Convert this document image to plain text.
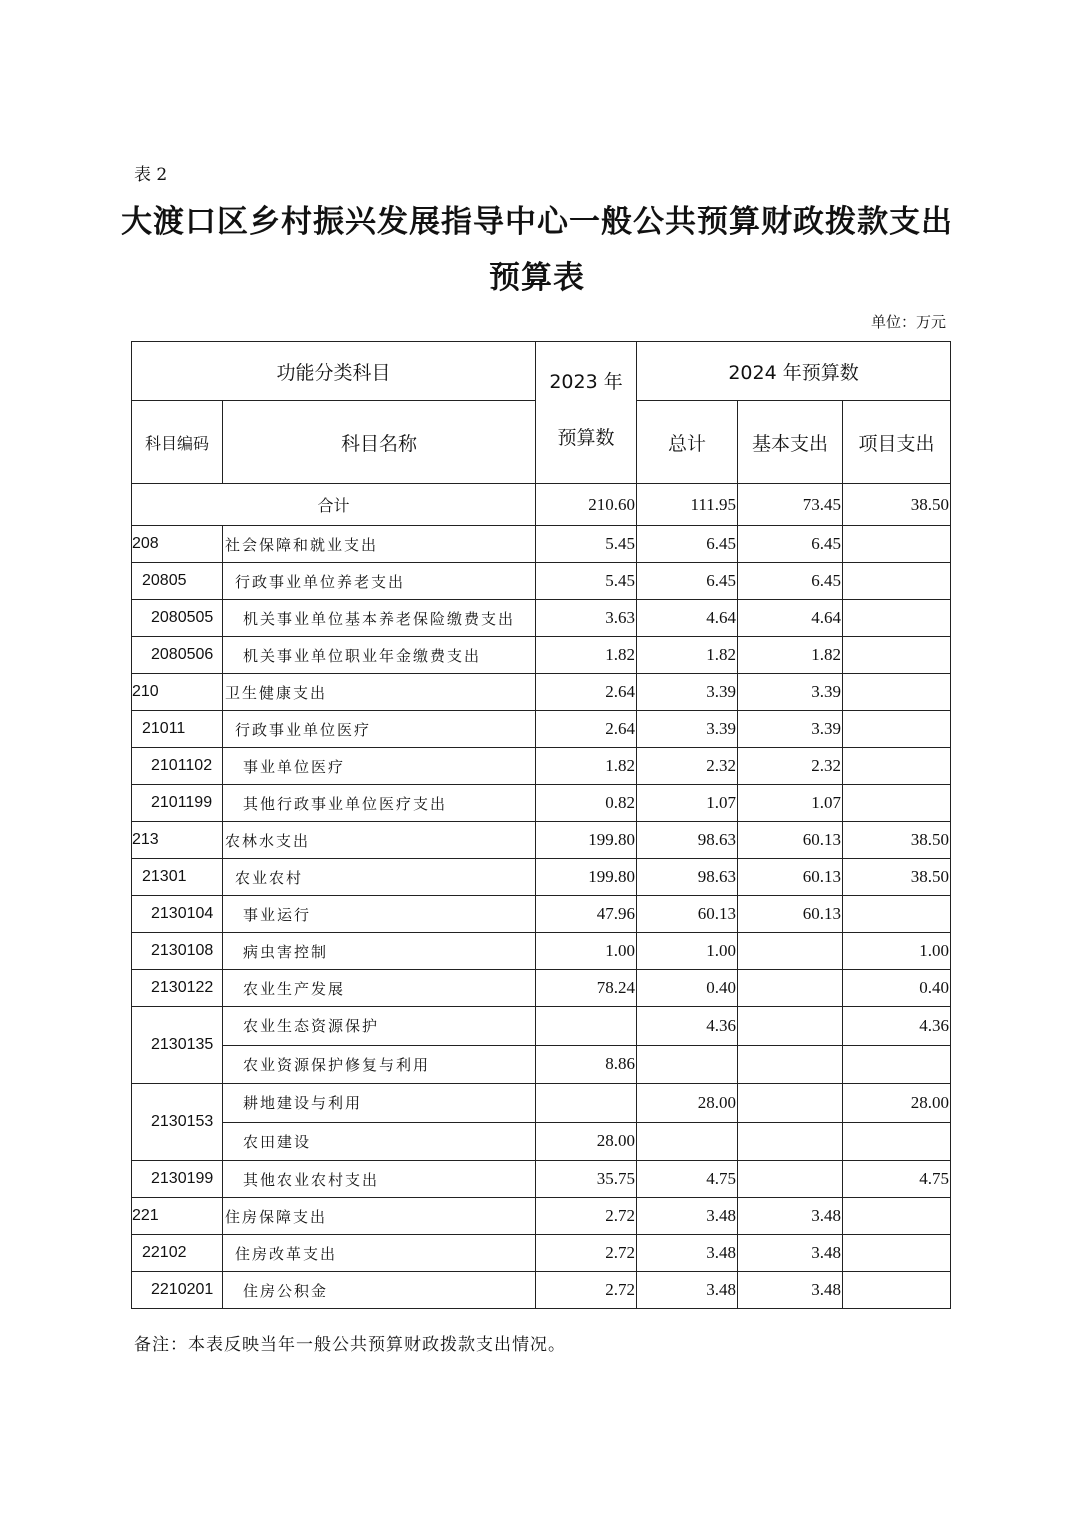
表 2
大渡口区乡村振兴发展指导中心一般公共预算财政拨款支出
预算表
单位：万元
功能分类科目		2023 年
预算数	2024 年预算数		
科目编码	科目名称		总计	基本支出	项目支出
合计		210.60	111.95	73.45	38.50
208	社会保障和就业支出	5.45	6.45	6.45	
20805	行政事业单位养老支出	5.45	6.45	6.45	
2080505	机关事业单位基本养老保险缴费支出	3.63	4.64	4.64	
2080506	机关事业单位职业年金缴费支出	1.82	1.82	1.82	
210	卫生健康支出	2.64	3.39	3.39	
21011	行政事业单位医疗	2.64	3.39	3.39	
2101102	事业单位医疗	1.82	2.32	2.32	
2101199	其他行政事业单位医疗支出	0.82	1.07	1.07	
213	农林水支出	199.80	98.63	60.13	38.50
21301	农业农村	199.80	98.63	60.13	38.50
2130104	事业运行	47.96	60.13	60.13	
2130108	病虫害控制	1.00	1.00		1.00
2130122	农业生产发展	78.24	0.40		0.40
2130135	农业生态资源保护		4.36		4.36
	农业资源保护修复与利用	8.86			
2130153	耕地建设与利用		28.00		28.00
	农田建设	28.00			
2130199	其他农业农村支出	35.75	4.75		4.75
221	住房保障支出	2.72	3.48	3.48	
22102	住房改革支出	2.72	3.48	3.48	
2210201	住房公积金	2.72	3.48	3.48	
备注：本表反映当年一般公共预算财政拨款支出情况。
